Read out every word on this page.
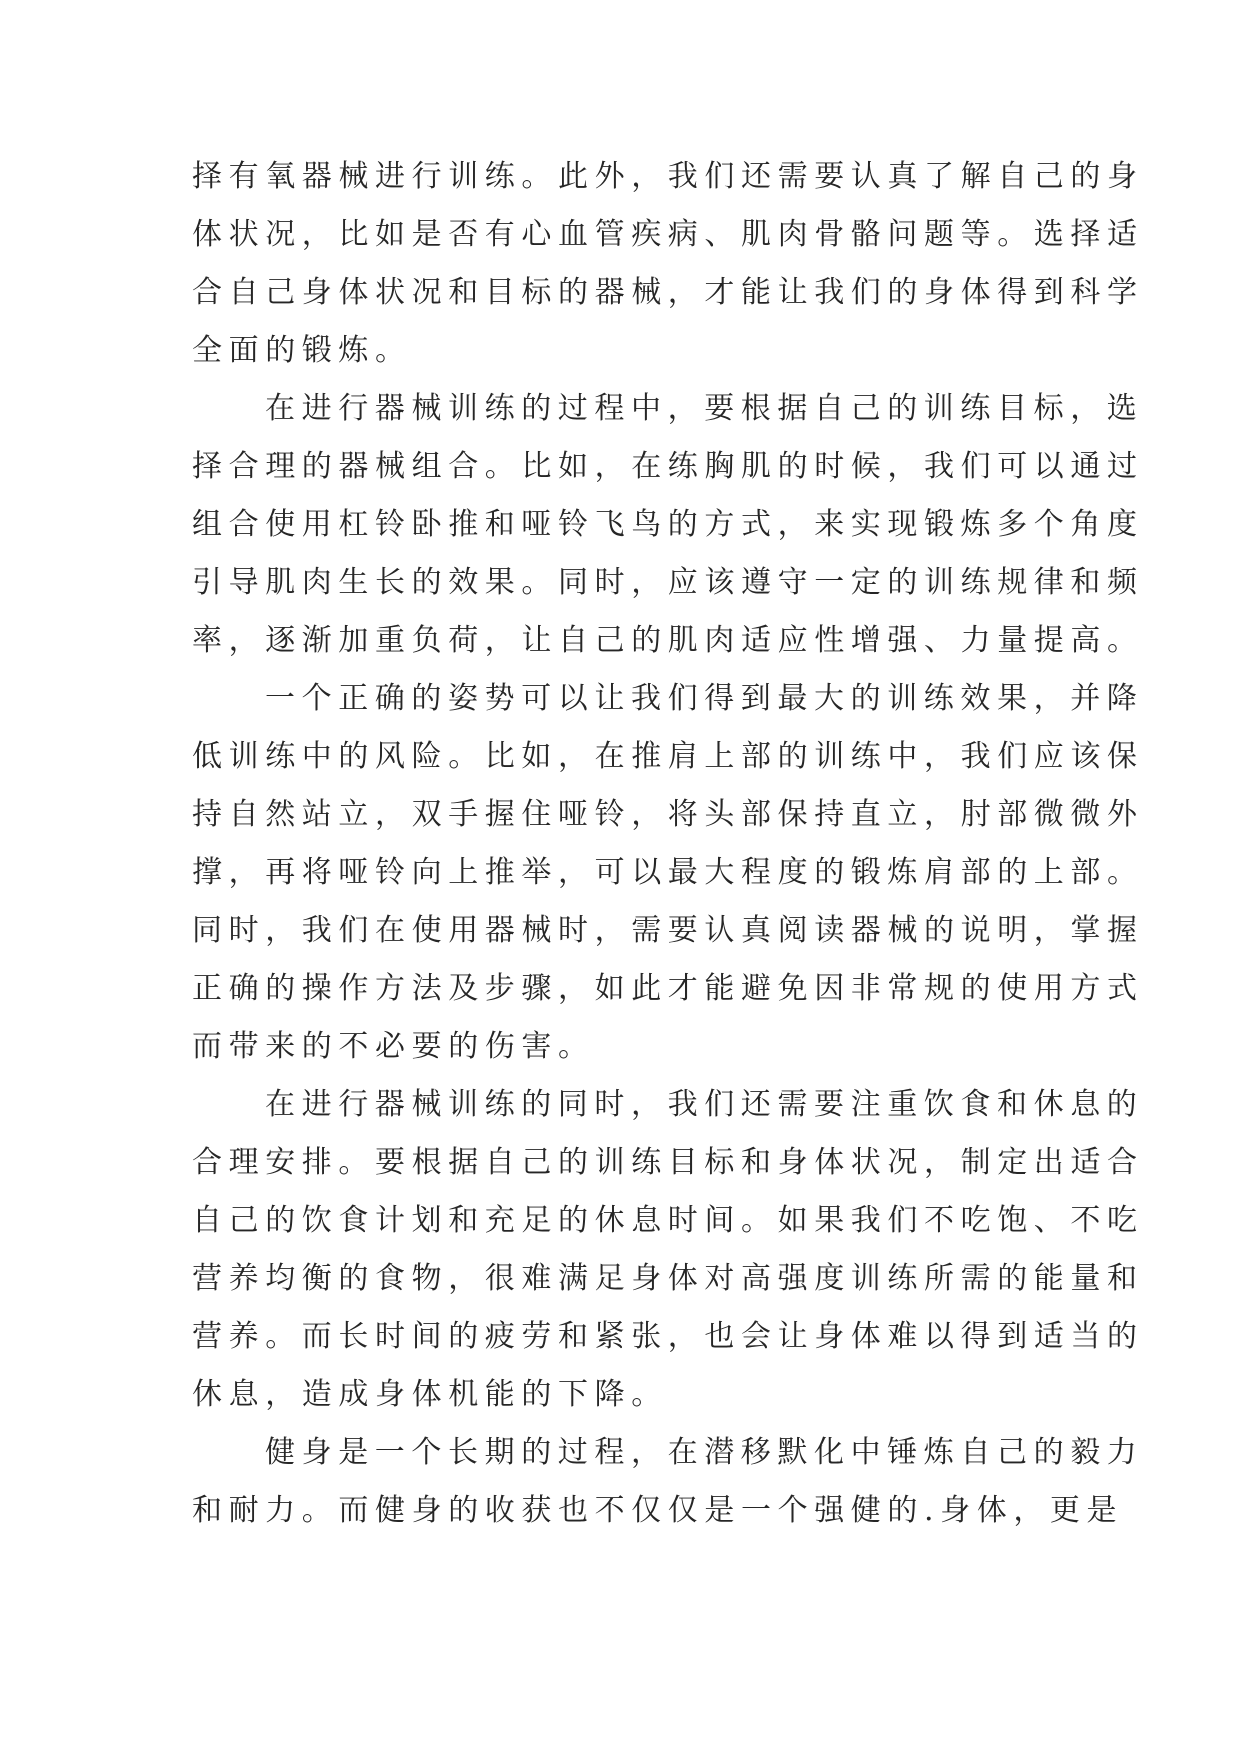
择有氧器械进行训练。此外，我们还需要认真了解自己的身
体状况，比如是否有心血管疾病、肌肉骨骼问题等。选择适
合自己身体状况和目标的器械，才能让我们的身体得到科学
全面的锻炼。
在进行器械训练的过程中，要根据自己的训练目标，选
择合理的器械组合。比如，在练胸肌的时候，我们可以通过
组合使用杠铃卧推和哑铃飞鸟的方式，来实现锻炼多个角度
引导肌肉生长的效果。同时，应该遵守一定的训练规律和频
率，逐渐加重负荷，让自己的肌肉适应性增强、力量提高。
一个正确的姿势可以让我们得到最大的训练效果，并降
低训练中的风险。比如，在推肩上部的训练中，我们应该保
持自然站立，双手握住哑铃，将头部保持直立，肘部微微外
撑，再将哑铃向上推举，可以最大程度的锻炼肩部的上部。
同时，我们在使用器械时，需要认真阅读器械的说明，掌握
正确的操作方法及步骤，如此才能避免因非常规的使用方式
而带来的不必要的伤害。
在进行器械训练的同时，我们还需要注重饮食和休息的
合理安排。要根据自己的训练目标和身体状况，制定出适合
自己的饮食计划和充足的休息时间。如果我们不吃饱、不吃
营养均衡的食物，很难满足身体对高强度训练所需的能量和
营养。而长时间的疲劳和紧张，也会让身体难以得到适当的
休息，造成身体机能的下降。
健身是一个长期的过程，在潜移默化中锤炼自己的毅力
和耐力。而健身的收获也不仅仅是一个强健的.身体，更是
